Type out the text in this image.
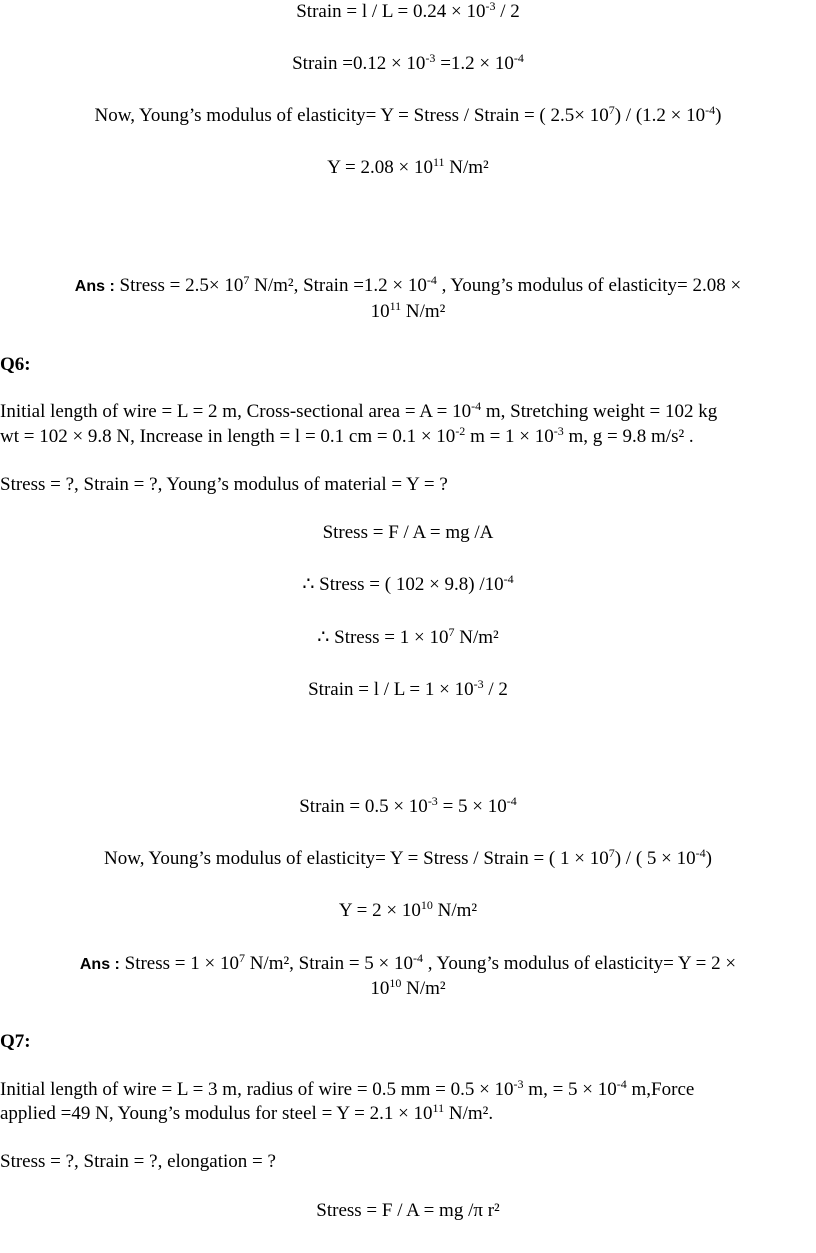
Strain = $l / L = 0.24 \times 10^{-3} / 2$
Strain $=0.12 \times 10^{-3} =1.2 \times 10^{-4}$
Now, Young’s modulus of elasticity= Y = Stress / Strain = ( $2.5\times 10^7) / (1.2 \times 10^{-4})$
$Y = 2.08 \times 10^{11}$ N/m²
Ans : Stress = $2.5\times 10^7$ N/m², Strain $=1.2 \times 10^{-4}$ , Young’s modulus of elasticity= 2.08 ×
$10^{11}$ N/m²
Q6:
Initial length of wire = L = 2 m, Cross-sectional area = $A = 10^{-4}$ m, Stretching weight = 102 kg
wt = 102 × 9.8 N, Increase in length = l = 0.1 cm = $0.1 \times 10^{-2}$ $m = 1 \times 10^{-3}$ m, g = 9.8 m/s² .
Stress = ?, Strain = ?, Young’s modulus of material = Y = ?
Stress = F / A = mg /A
∴ Stress = ( 102 × 9.8) $/10^{-4}$
∴ Stress = $1 \times 10^7$ N/m²
Strain = $l / L = 1 \times 10^{-3} / 2$
Strain = $0.5 \times 10^{-3} = 5 \times 10^{-4}$
Now, Young’s modulus of elasticity= Y = Stress / Strain = ( $1 \times 10^7$) / ( $5 \times 10^{-4}$)
$Y = 2 \times 10^{10}$ N/m²
Ans : Stress = $1 \times 10^7$ N/m², Strain = $5 \times 10^{-4}$ , Young’s modulus of elasticity= Y = 2 ×
$10^{10}$ N/m²
Q7:
Initial length of wire = L = 3 m, radius of wire = 0.5 mm = $0.5 \times 10^{-3}$ m, = $5 \times 10^{-4}$ m,Force
applied =49 N, Young’s modulus for steel = $Y = 2.1 \times 10^{11}$ N/m².
Stress = ?, Strain = ?, elongation = ?
Stress = F / A = mg /π r²
